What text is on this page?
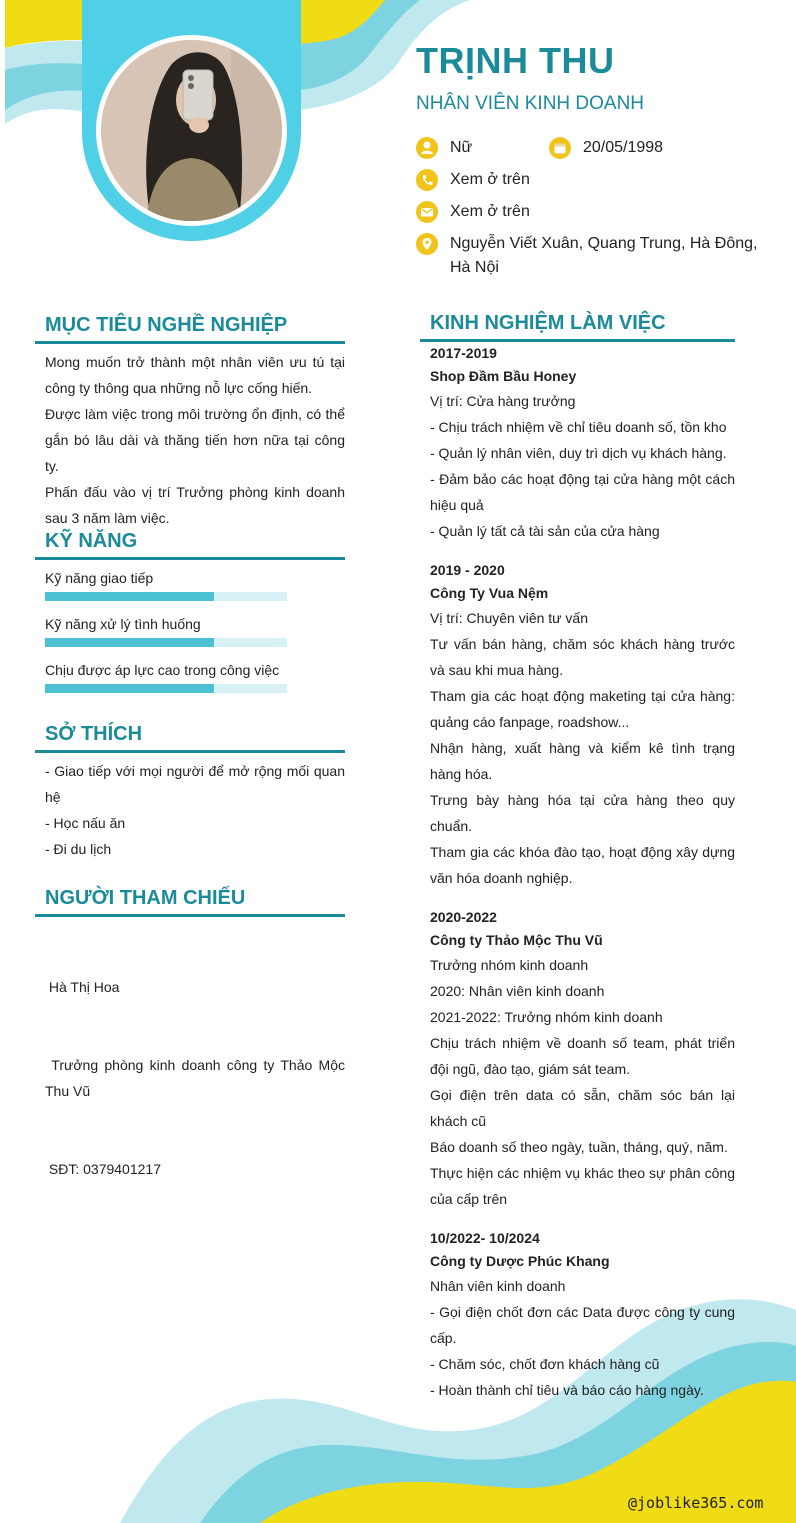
TRỊNH THU
NHÂN VIÊN KINH DOANH
Nữ	20/05/1998
Xem ở trên
Xem ở trên
Nguyễn Viết Xuân, Quang Trung, Hà Đông, Hà Nội
MỤC TIÊU NGHỀ NGHIỆP

Mong muốn trở thành một nhân viên ưu tú tại công ty thông qua những nỗ lực cống hiến.

Được làm việc trong môi trường ổn định, có thể gắn bó lâu dài và thăng tiến hơn nữa tại công ty.

Phấn đấu vào vị trí Trưởng phòng kinh doanh sau 3 năm làm việc.

KỸ NĂNG
Kỹ năng giao tiếp
Kỹ năng xử lý tình huống
Chịu được áp lực cao trong công việc
SỞ THÍCH

- Giao tiếp với mọi người để mở rộng mối quan hệ

- Học nấu ăn

- Đi du lịch

NGƯỜI THAM CHIẾU

Hà Thị Hoa

Trưởng phòng kinh doanh công ty Thảo Mộc Thu Vũ

SĐT: 0379401217

KINH NGHIỆM LÀM VIỆC
2017-2019
Shop Đầm Bầu Honey
Vị trí: Cửa hàng trưởng
- Chịu trách nhiệm về chỉ tiêu doanh số, tồn kho
- Quản lý nhân viên, duy trì dịch vụ khách hàng.
- Đảm bảo các hoạt động tại cửa hàng một cách hiệu quả
- Quản lý tất cả tài sản của cửa hàng
2019 - 2020
Công Ty Vua Nệm
Vị trí: Chuyên viên tư vấn
Tư vấn bán hàng, chăm sóc khách hàng trước và sau khi mua hàng.
Tham gia các hoạt động maketing tại cửa hàng: quảng cáo fanpage, roadshow...
Nhận hàng, xuất hàng và kiểm kê tình trạng hàng hóa.
Trưng bày hàng hóa tại cửa hàng theo quy chuẩn.
Tham gia các khóa đào tạo, hoạt động xây dựng văn hóa doanh nghiệp.
2020-2022
Công ty Thảo Mộc Thu Vũ
Trưởng nhóm kinh doanh
2020: Nhân viên kinh doanh
2021-2022: Trưởng nhóm kinh doanh
Chịu trách nhiệm về doanh số team, phát triển đội ngũ, đào tạo, giám sát team.
Gọi điện trên data có sẵn, chăm sóc bán lại khách cũ
Báo doanh số theo ngày, tuần, tháng, quý, năm.
Thực hiện các nhiệm vụ khác theo sự phân công của cấp trên
10/2022- 10/2024
Công ty Dược Phúc Khang
Nhân viên kinh doanh
- Gọi điện chốt đơn các Data được công ty cung cấp.
- Chăm sóc, chốt đơn khách hàng cũ
- Hoàn thành chỉ tiêu và báo cáo hàng ngày.
@joblike365.com
